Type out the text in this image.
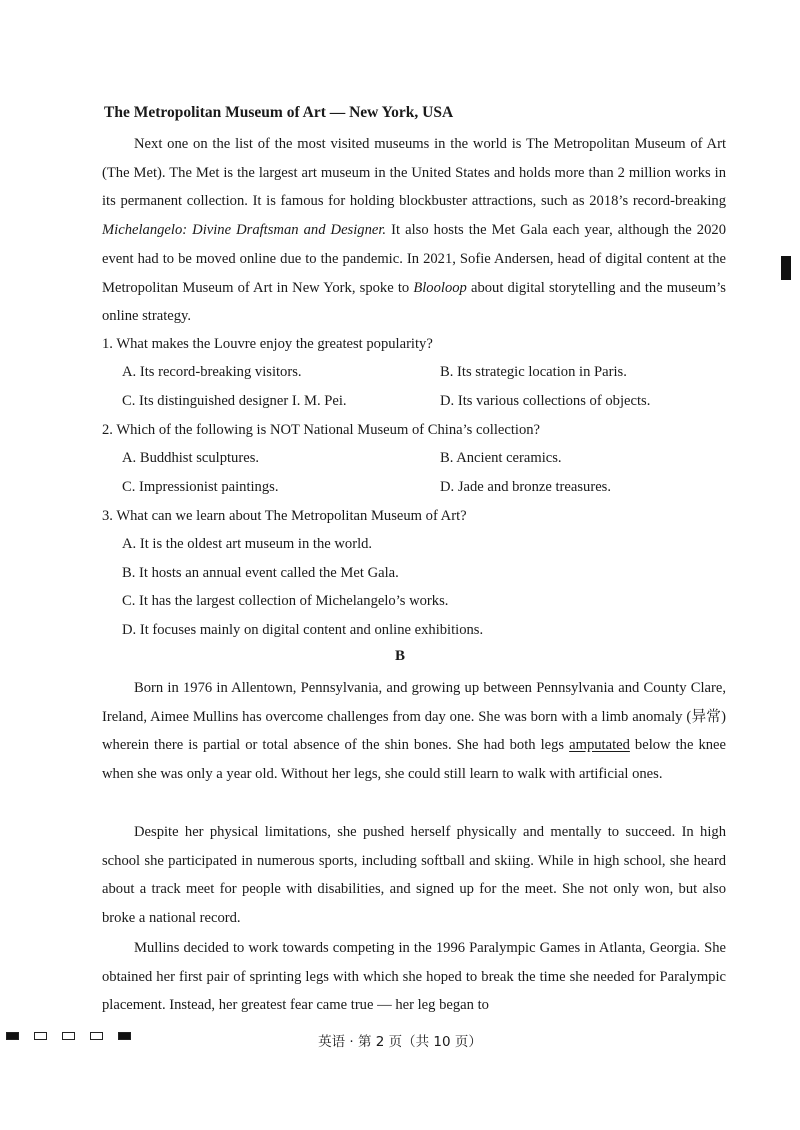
The Metropolitan Museum of Art — New York, USA

Next one on the list of the most visited museums in the world is The Metropolitan Museum of Art (The Met). The Met is the largest art museum in the United States and holds more than 2 million works in its permanent collection. It is famous for holding blockbuster attractions, such as 2018’s record-breaking Michelangelo: Divine Draftsman and Designer. It also hosts the Met Gala each year, although the 2020 event had to be moved online due to the pandemic. In 2021, Sofie Andersen, head of digital content at the Metropolitan Museum of Art in New York, spoke to Blooloop about digital storytelling and the museum’s online strategy.

1. What makes the Louvre enjoy the greatest popularity?
A. Its record-breaking visitors.	B. Its strategic location in Paris.
C. Its distinguished designer I. M. Pei.	D. Its various collections of objects.
2. Which of the following is NOT National Museum of China’s collection?
A. Buddhist sculptures.	B. Ancient ceramics.
C. Impressionist paintings.	D. Jade and bronze treasures.
3. What can we learn about The Metropolitan Museum of Art?
A. It is the oldest art museum in the world.
B. It hosts an annual event called the Met Gala.
C. It has the largest collection of Michelangelo’s works.
D. It focuses mainly on digital content and online exhibitions.
B

Born in 1976 in Allentown, Pennsylvania, and growing up between Pennsylvania and County Clare, Ireland, Aimee Mullins has overcome challenges from day one. She was born with a limb anomaly (异常) wherein there is partial or total absence of the shin bones. She had both legs amputated below the knee when she was only a year old. Without her legs, she could still learn to walk with artificial ones.

Despite her physical limitations, she pushed herself physically and mentally to succeed. In high school she participated in numerous sports, including softball and skiing. While in high school, she heard about a track meet for people with disabilities, and signed up for the meet. She not only won, but also broke a national record.

Mullins decided to work towards competing in the 1996 Paralympic Games in Atlanta, Georgia. She obtained her first pair of sprinting legs with which she hoped to break the time she needed for Paralympic placement. Instead, her greatest fear came true — her leg began to

英语 · 第 2 页（共 10 页）
